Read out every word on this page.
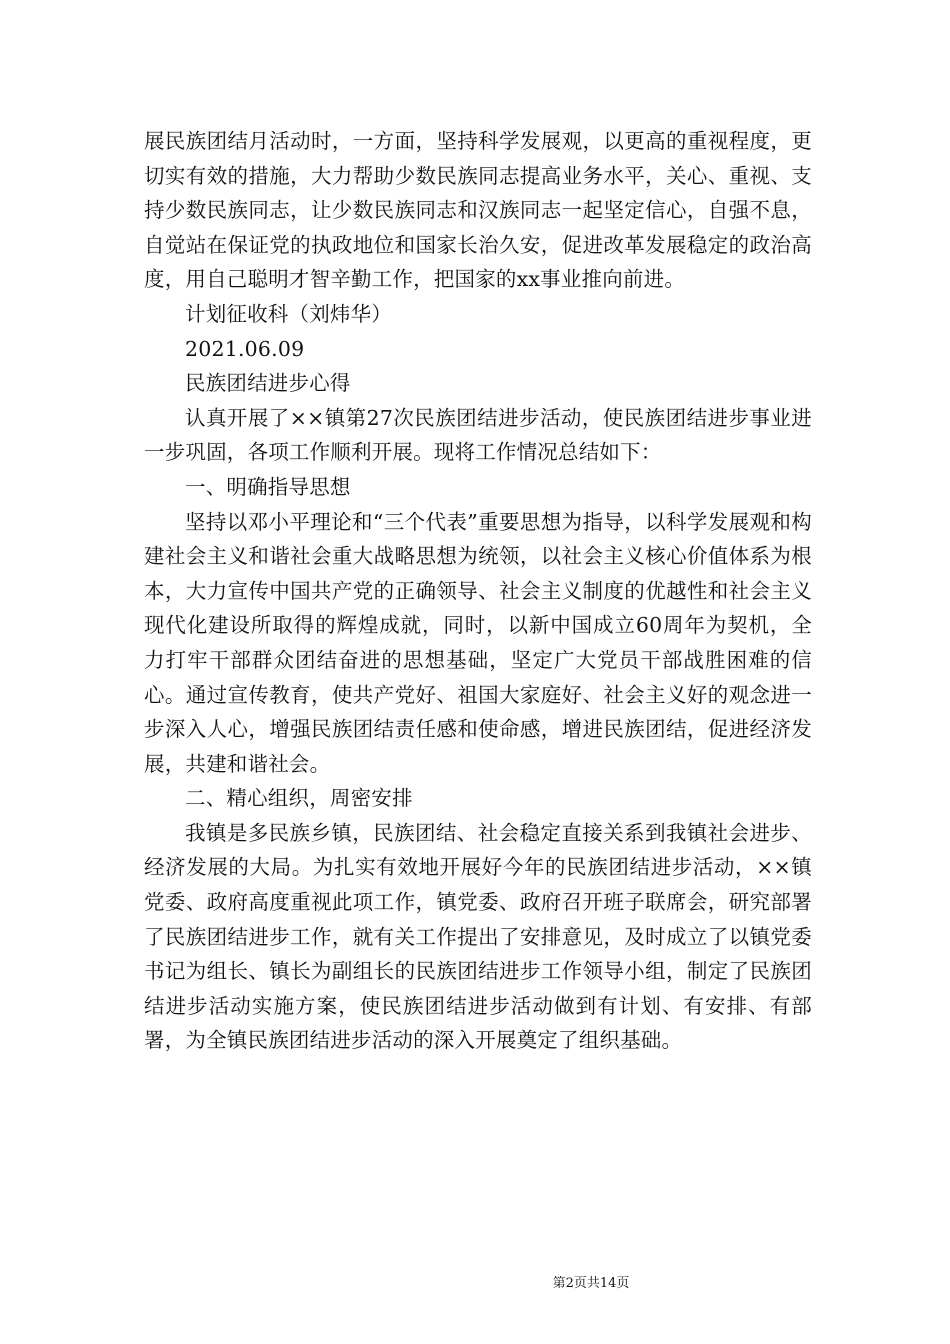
展民族团结月活动时，一方面，坚持科学发展观，以更高的重视程度，更切实有效的措施，大力帮助少数民族同志提高业务水平，关心、重视、支持少数民族同志，让少数民族同志和汉族同志一起坚定信心，自强不息，自觉站在保证党的执政地位和国家长治久安，促进改革发展稳定的政治高度，用自己聪明才智辛勤工作，把国家的xx事业推向前进。

计划征收科（刘炜华）

2021.06.09

民族团结进步心得

认真开展了××镇第27次民族团结进步活动，使民族团结进步事业进一步巩固，各项工作顺利开展。现将工作情况总结如下：

一、明确指导思想

坚持以邓小平理论和“三个代表”重要思想为指导，以科学发展观和构建社会主义和谐社会重大战略思想为统领，以社会主义核心价值体系为根本，大力宣传中国共产党的正确领导、社会主义制度的优越性和社会主义现代化建设所取得的辉煌成就，同时，以新中国成立60周年为契机，全力打牢干部群众团结奋进的思想基础，坚定广大党员干部战胜困难的信心。通过宣传教育，使共产党好、祖国大家庭好、社会主义好的观念进一步深入人心，增强民族团结责任感和使命感，增进民族团结，促进经济发展，共建和谐社会。

二、精心组织，周密安排

我镇是多民族乡镇，民族团结、社会稳定直接关系到我镇社会进步、经济发展的大局。为扎实有效地开展好今年的民族团结进步活动，××镇党委、政府高度重视此项工作，镇党委、政府召开班子联席会，研究部署了民族团结进步工作，就有关工作提出了安排意见，及时成立了以镇党委书记为组长、镇长为副组长的民族团结进步工作领导小组，制定了民族团结进步活动实施方案，使民族团结进步活动做到有计划、有安排、有部署，为全镇民族团结进步活动的深入开展奠定了组织基础。

第2页共14页
